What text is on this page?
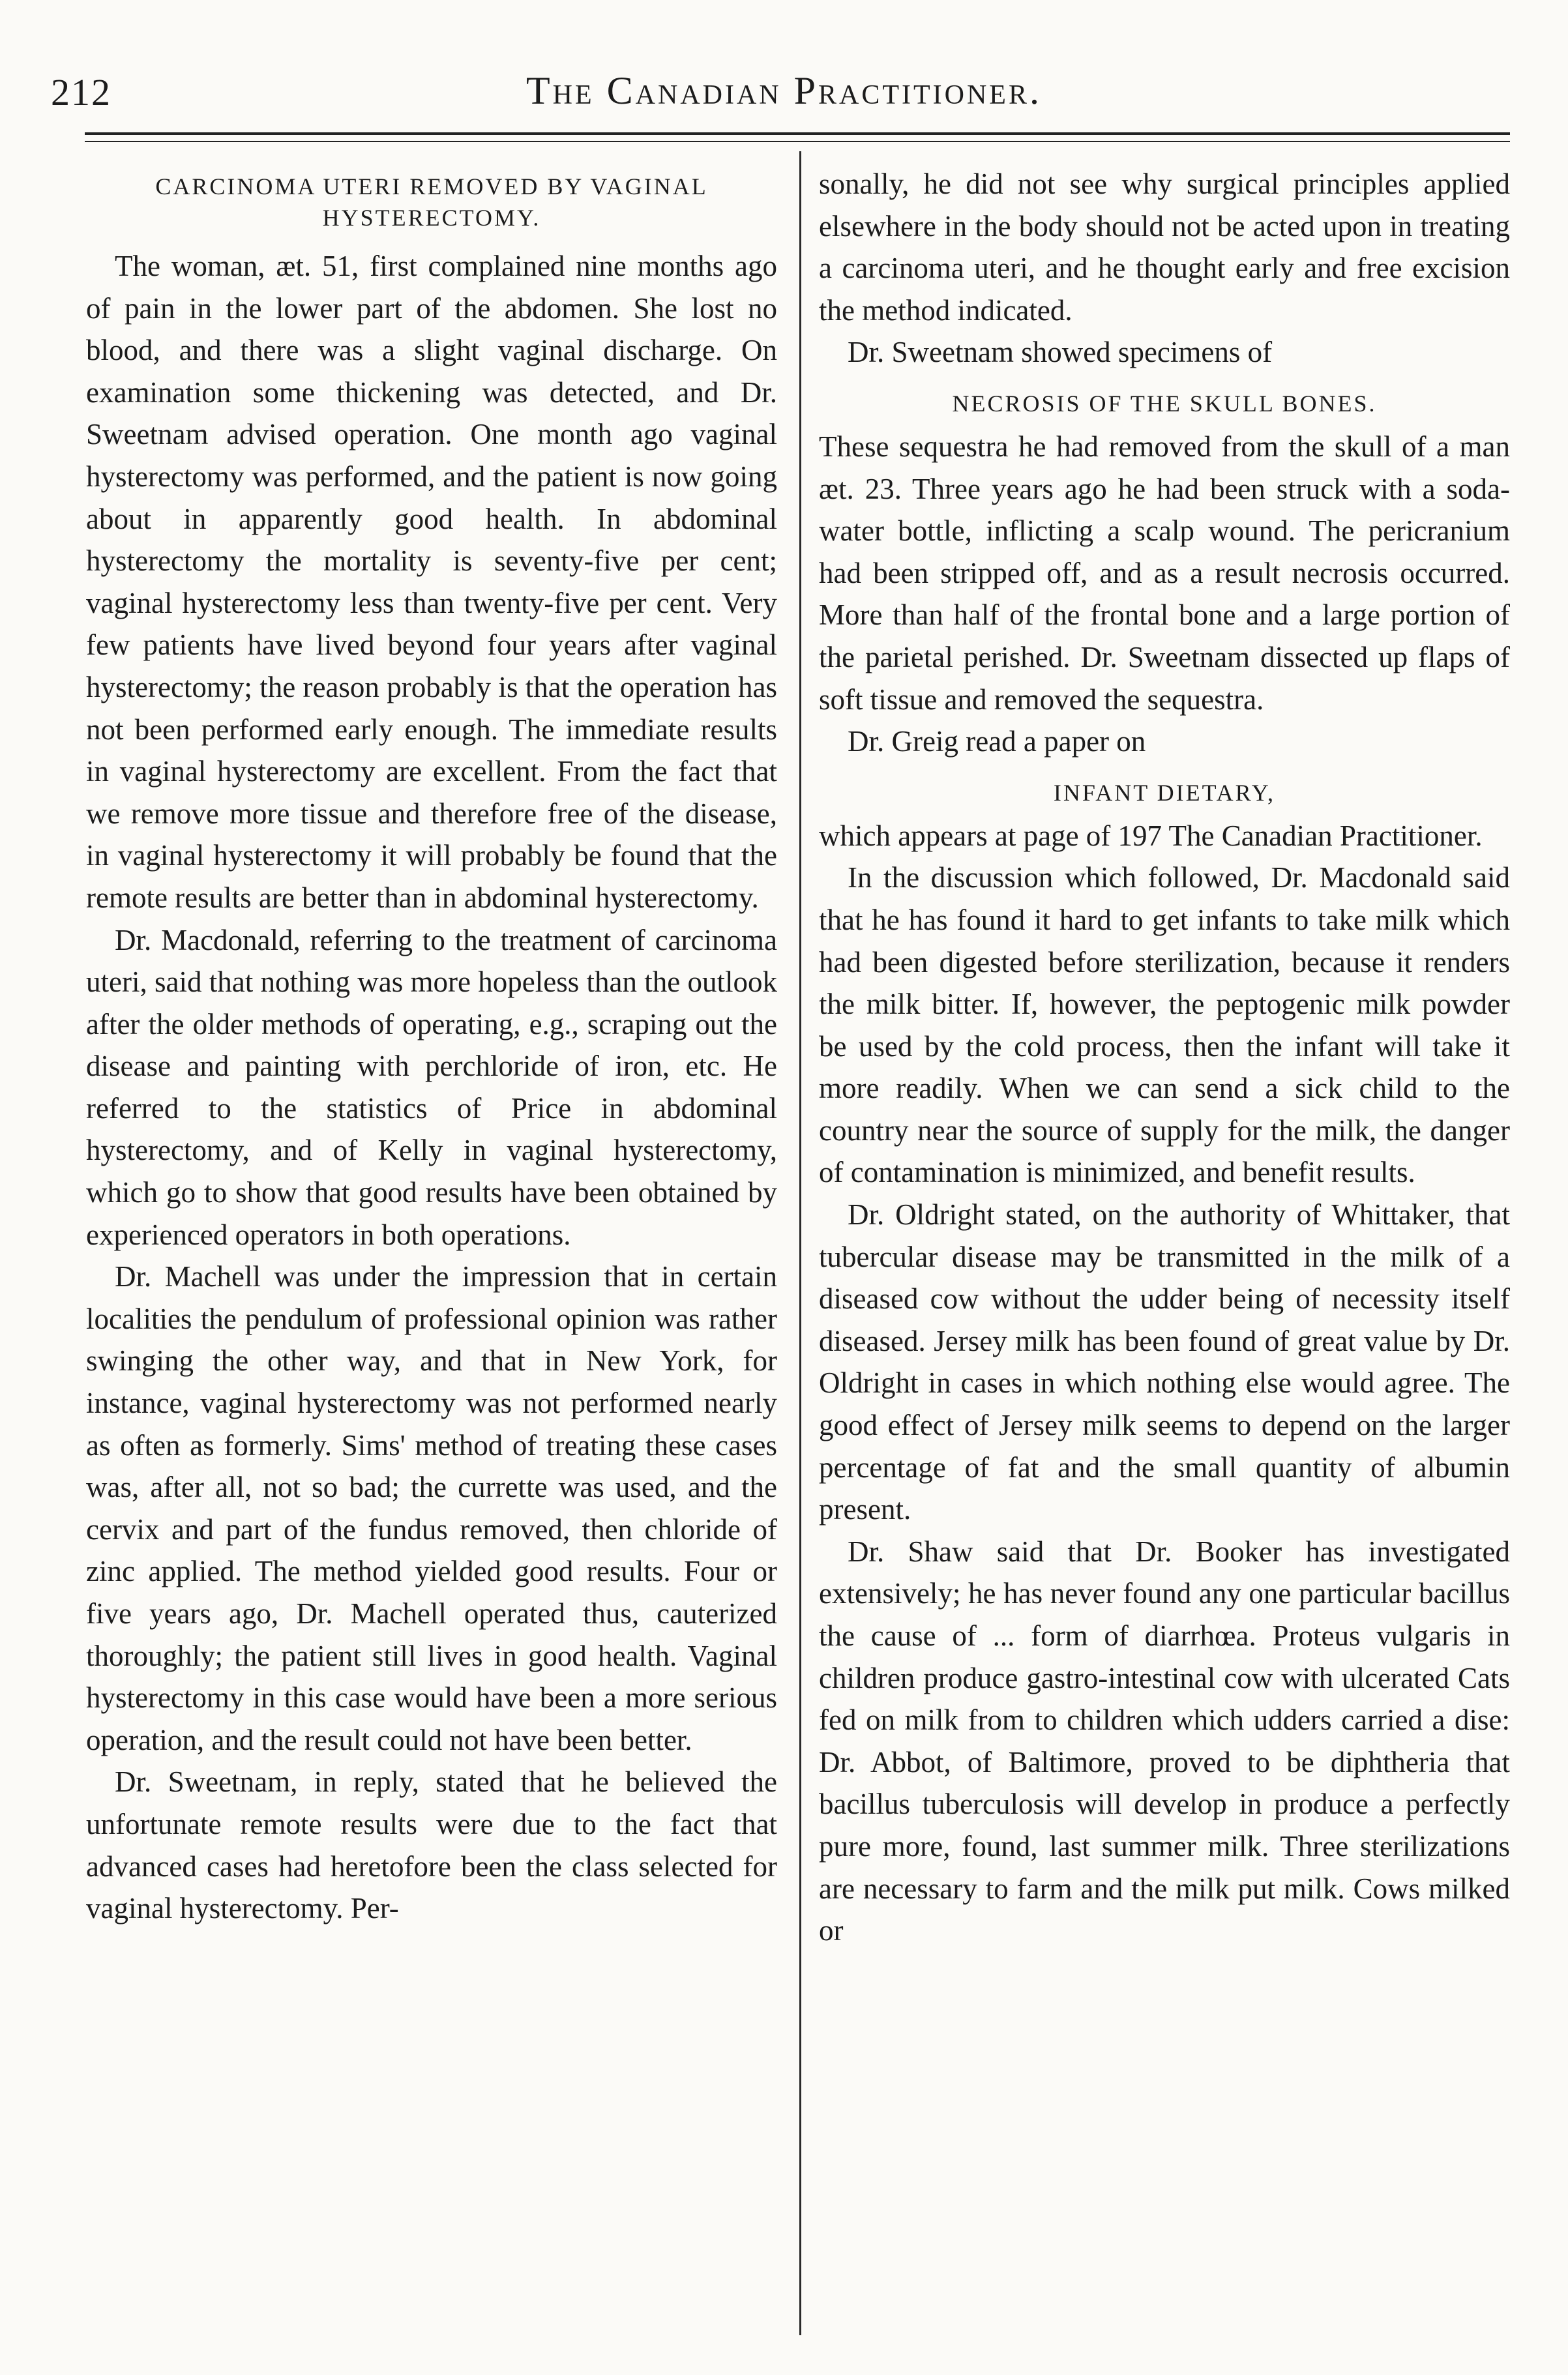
212	The Canadian Practitioner.
CARCINOMA UTERI REMOVED BY VAGINAL HYSTERECTOMY.

The woman, æt. 51, first complained nine months ago of pain in the lower part of the abdomen. She lost no blood, and there was a slight vaginal discharge. On examination some thickening was detected, and Dr. Sweetnam advised operation. One month ago vaginal hysterectomy was performed, and the patient is now going about in apparently good health. In abdominal hysterectomy the mortality is seventy-five per cent; vaginal hysterectomy less than twenty-five per cent. Very few patients have lived beyond four years after vaginal hysterectomy; the reason probably is that the operation has not been performed early enough. The immediate results in vaginal hysterectomy are excellent. From the fact that we remove more tissue and therefore free of the disease, in vaginal hysterectomy it will probably be found that the remote results are better than in abdominal hysterectomy.

Dr. Macdonald, referring to the treatment of carcinoma uteri, said that nothing was more hopeless than the outlook after the older methods of operating, e.g., scraping out the disease and painting with perchloride of iron, etc. He referred to the statistics of Price in abdominal hysterectomy, and of Kelly in vaginal hysterectomy, which go to show that good results have been obtained by experienced operators in both operations.

Dr. Machell was under the impression that in certain localities the pendulum of professional opinion was rather swinging the other way, and that in New York, for instance, vaginal hysterectomy was not performed nearly as often as formerly. Sims' method of treating these cases was, after all, not so bad; the currette was used, and the cervix and part of the fundus removed, then chloride of zinc applied. The method yielded good results. Four or five years ago, Dr. Machell operated thus, cauterized thoroughly; the patient still lives in good health. Vaginal hysterectomy in this case would have been a more serious operation, and the result could not have been better.

Dr. Sweetnam, in reply, stated that he believed the unfortunate remote results were due to the fact that advanced cases had heretofore been the class selected for vaginal hysterectomy. Per-

sonally, he did not see why surgical principles applied elsewhere in the body should not be acted upon in treating a carcinoma uteri, and he thought early and free excision the method indicated.

Dr. Sweetnam showed specimens of

NECROSIS OF THE SKULL BONES.

These sequestra he had removed from the skull of a man æt. 23. Three years ago he had been struck with a soda-water bottle, inflicting a scalp wound. The pericranium had been stripped off, and as a result necrosis occurred. More than half of the frontal bone and a large portion of the parietal perished. Dr. Sweetnam dissected up flaps of soft tissue and removed the sequestra.

Dr. Greig read a paper on

INFANT DIETARY,

which appears at page of 197 The Canadian Practitioner.

In the discussion which followed, Dr. Macdonald said that he has found it hard to get infants to take milk which had been digested before sterilization, because it renders the milk bitter. If, however, the peptogenic milk powder be used by the cold process, then the infant will take it more readily. When we can send a sick child to the country near the source of supply for the milk, the danger of contamination is minimized, and benefit results.

Dr. Oldright stated, on the authority of Whittaker, that tubercular disease may be transmitted in the milk of a diseased cow without the udder being of necessity itself diseased. Jersey milk has been found of great value by Dr. Oldright in cases in which nothing else would agree. The good effect of Jersey milk seems to depend on the larger percentage of fat and the small quantity of albumin present.

Dr. Shaw said that Dr. Booker has investigated extensively; he has never found any one particular bacillus the cause of ... form of diarrhœa. Proteus vulgaris in children produce gastro-intestinal cow with ulcerated Cats fed on milk from to children which udders carried a dise: Dr. Abbot, of Baltimore, proved to be diphtheria that bacillus tuberculosis will develop in produce a perfectly pure more, found, last summer milk. Three sterilizations are necessary to farm and the milk put milk. Cows milked or
